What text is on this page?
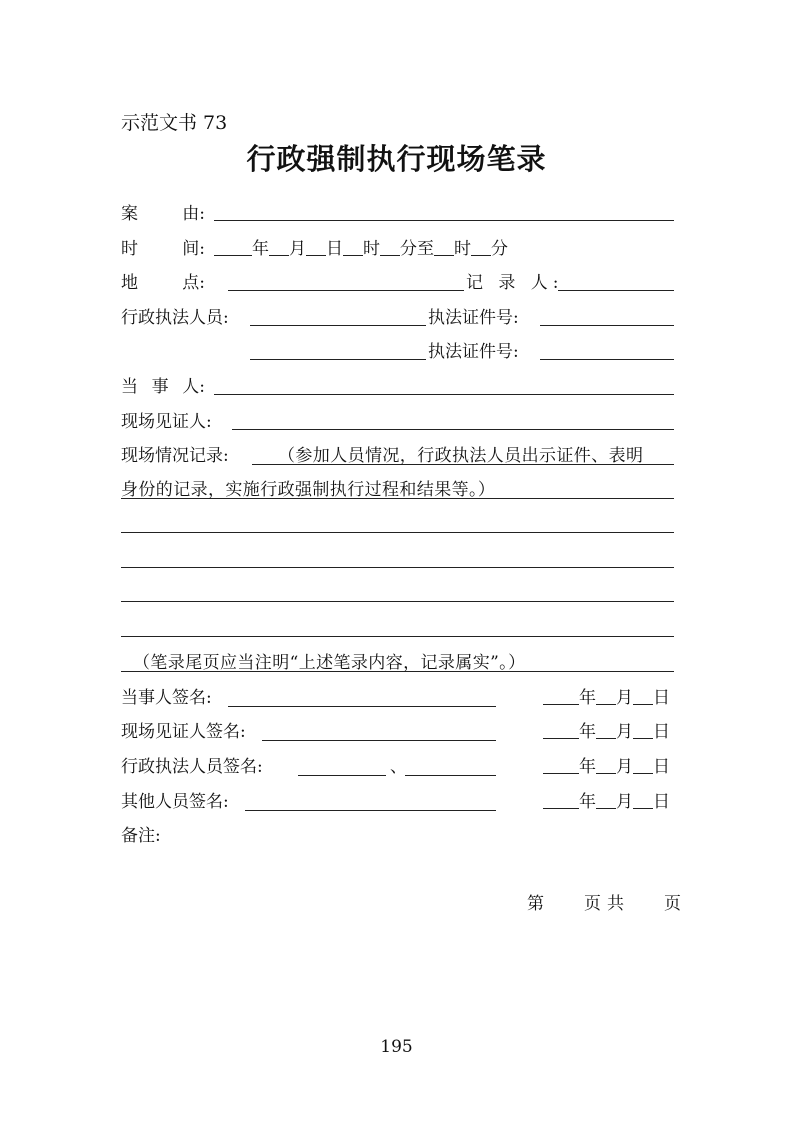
示范文书 73
行政强制执行现场笔录
案	由:
时	间:	年 月 日 时 分至 时 分
地	点:	记 录 人:
行政执法人员:	执法证件号:
执法证件号:
当 事 人:
现场见证人:
现场情况记录:	（参加人员情况，行政执法人员出示证件、表明
身份的记录，实施行政强制执行过程和结果等。）
（笔录尾页应当注明“上述笔录内容，记录属实”。）
当事人签名:	年 月 日
现场见证人签名:	年 月 日
行政执法人员签名:	、	年 月 日
其他人员签名:	年 月 日
备注:
第 页 共 页
195
